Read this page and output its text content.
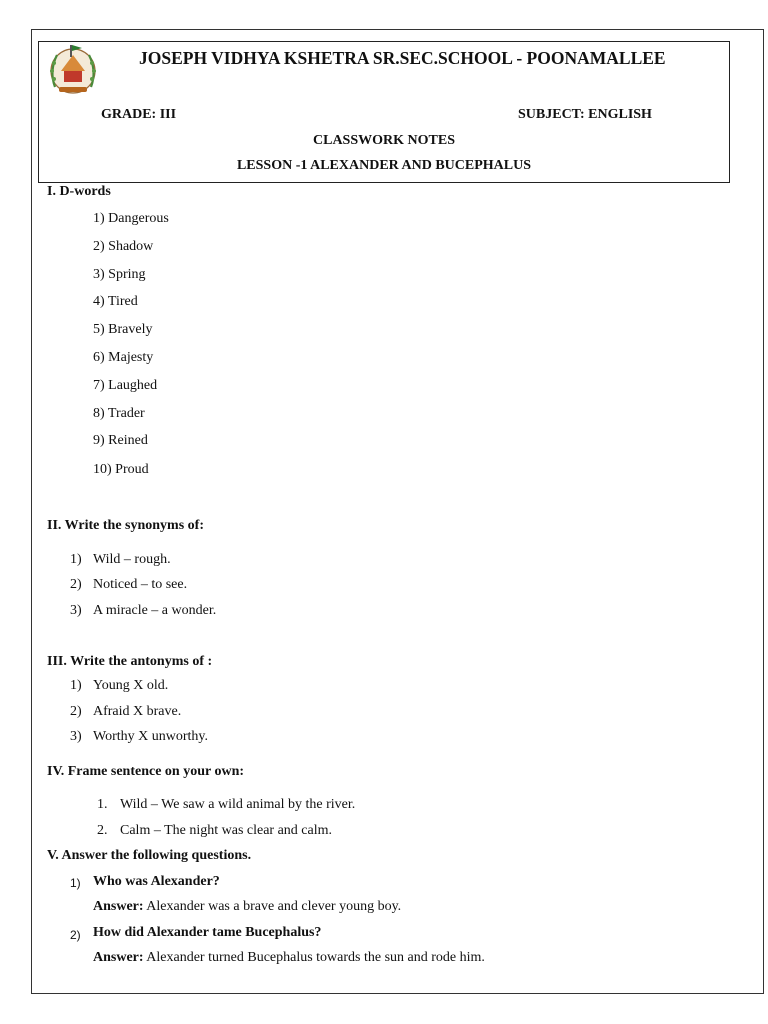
JOSEPH VIDHYA KSHETRA SR.SEC.SCHOOL - POONAMALLEE
GRADE: III	SUBJECT: ENGLISH
CLASSWORK NOTES
LESSON -1 ALEXANDER AND BUCEPHALUS
I. D-words
1) Dangerous
2) Shadow
3) Spring
4) Tired
5) Bravely
6) Majesty
7) Laughed
8) Trader
9) Reined
10) Proud
II. Write the synonyms of:
1) Wild – rough.
2) Noticed – to see.
3) A miracle – a wonder.
III. Write the antonyms of :
1) Young X old.
2) Afraid X brave.
3) Worthy X unworthy.
IV. Frame sentence on your own:
1. Wild – We saw a wild animal by the river.
2. Calm – The night was clear and calm.
V. Answer the following questions.
1) Who was Alexander?
Answer: Alexander was a brave and clever young boy.
2) How did Alexander tame Bucephalus?
Answer: Alexander turned Bucephalus towards the sun and rode him.
